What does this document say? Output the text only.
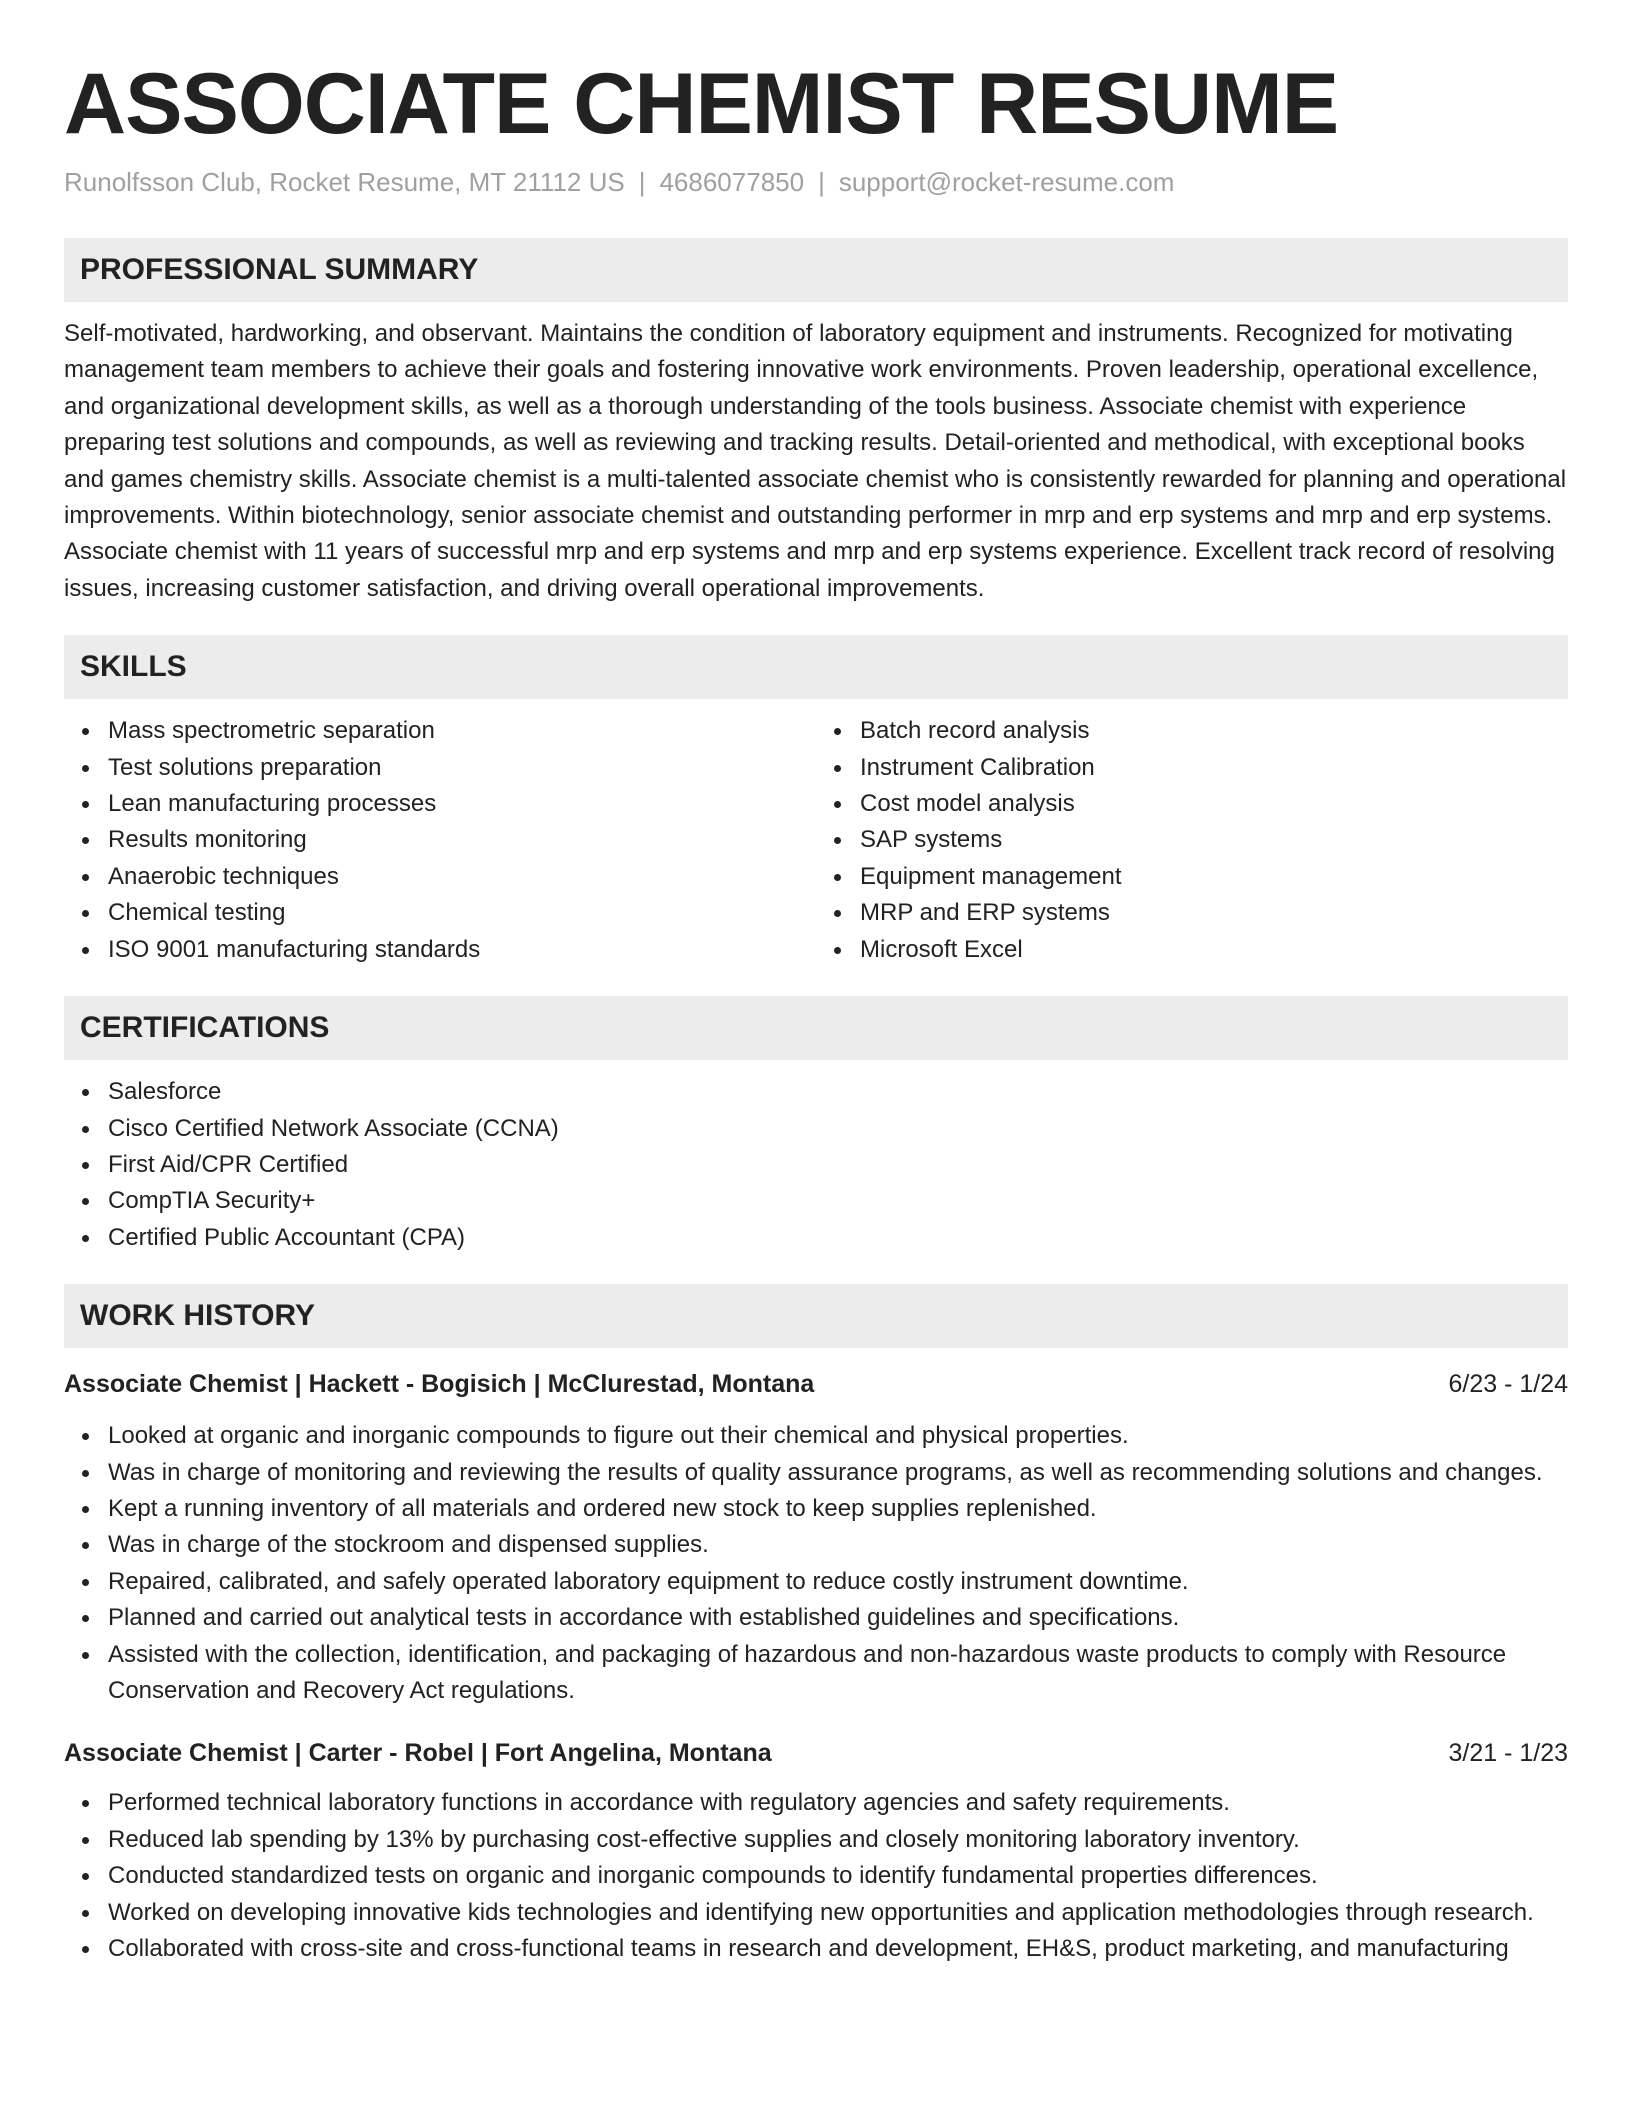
ASSOCIATE CHEMIST RESUME
Runolfsson Club, Rocket Resume, MT 21112 US | 4686077850 | support@rocket-resume.com
PROFESSIONAL SUMMARY

Self-motivated, hardworking, and observant. Maintains the condition of laboratory equipment and instruments. Recognized for motivating management team members to achieve their goals and fostering innovative work environments. Proven leadership, operational excellence, and organizational development skills, as well as a thorough understanding of the tools business. Associate chemist with experience preparing test solutions and compounds, as well as reviewing and tracking results. Detail-oriented and methodical, with exceptional books and games chemistry skills. Associate chemist is a multi-talented associate chemist who is consistently rewarded for planning and operational improvements. Within biotechnology, senior associate chemist and outstanding performer in mrp and erp systems and mrp and erp systems. Associate chemist with 11 years of successful mrp and erp systems and mrp and erp systems experience. Excellent track record of resolving issues, increasing customer satisfaction, and driving overall operational improvements.

SKILLS
Mass spectrometric separation
Test solutions preparation
Lean manufacturing processes
Results monitoring
Anaerobic techniques
Chemical testing
ISO 9001 manufacturing standards
Batch record analysis
Instrument Calibration
Cost model analysis
SAP systems
Equipment management
MRP and ERP systems
Microsoft Excel
CERTIFICATIONS
Salesforce
Cisco Certified Network Associate (CCNA)
First Aid/CPR Certified
CompTIA Security+
Certified Public Accountant (CPA)
WORK HISTORY
Associate Chemist | Hackett - Bogisich | McClurestad, Montana	6/23 - 1/24
Looked at organic and inorganic compounds to figure out their chemical and physical properties.
Was in charge of monitoring and reviewing the results of quality assurance programs, as well as recommending solutions and changes.
Kept a running inventory of all materials and ordered new stock to keep supplies replenished.
Was in charge of the stockroom and dispensed supplies.
Repaired, calibrated, and safely operated laboratory equipment to reduce costly instrument downtime.
Planned and carried out analytical tests in accordance with established guidelines and specifications.
Assisted with the collection, identification, and packaging of hazardous and non-hazardous waste products to comply with Resource Conservation and Recovery Act regulations.
Associate Chemist | Carter - Robel | Fort Angelina, Montana	3/21 - 1/23
Performed technical laboratory functions in accordance with regulatory agencies and safety requirements.
Reduced lab spending by 13% by purchasing cost-effective supplies and closely monitoring laboratory inventory.
Conducted standardized tests on organic and inorganic compounds to identify fundamental properties differences.
Worked on developing innovative kids technologies and identifying new opportunities and application methodologies through research.
Collaborated with cross-site and cross-functional teams in research and development, EH&S, product marketing, and manufacturing
